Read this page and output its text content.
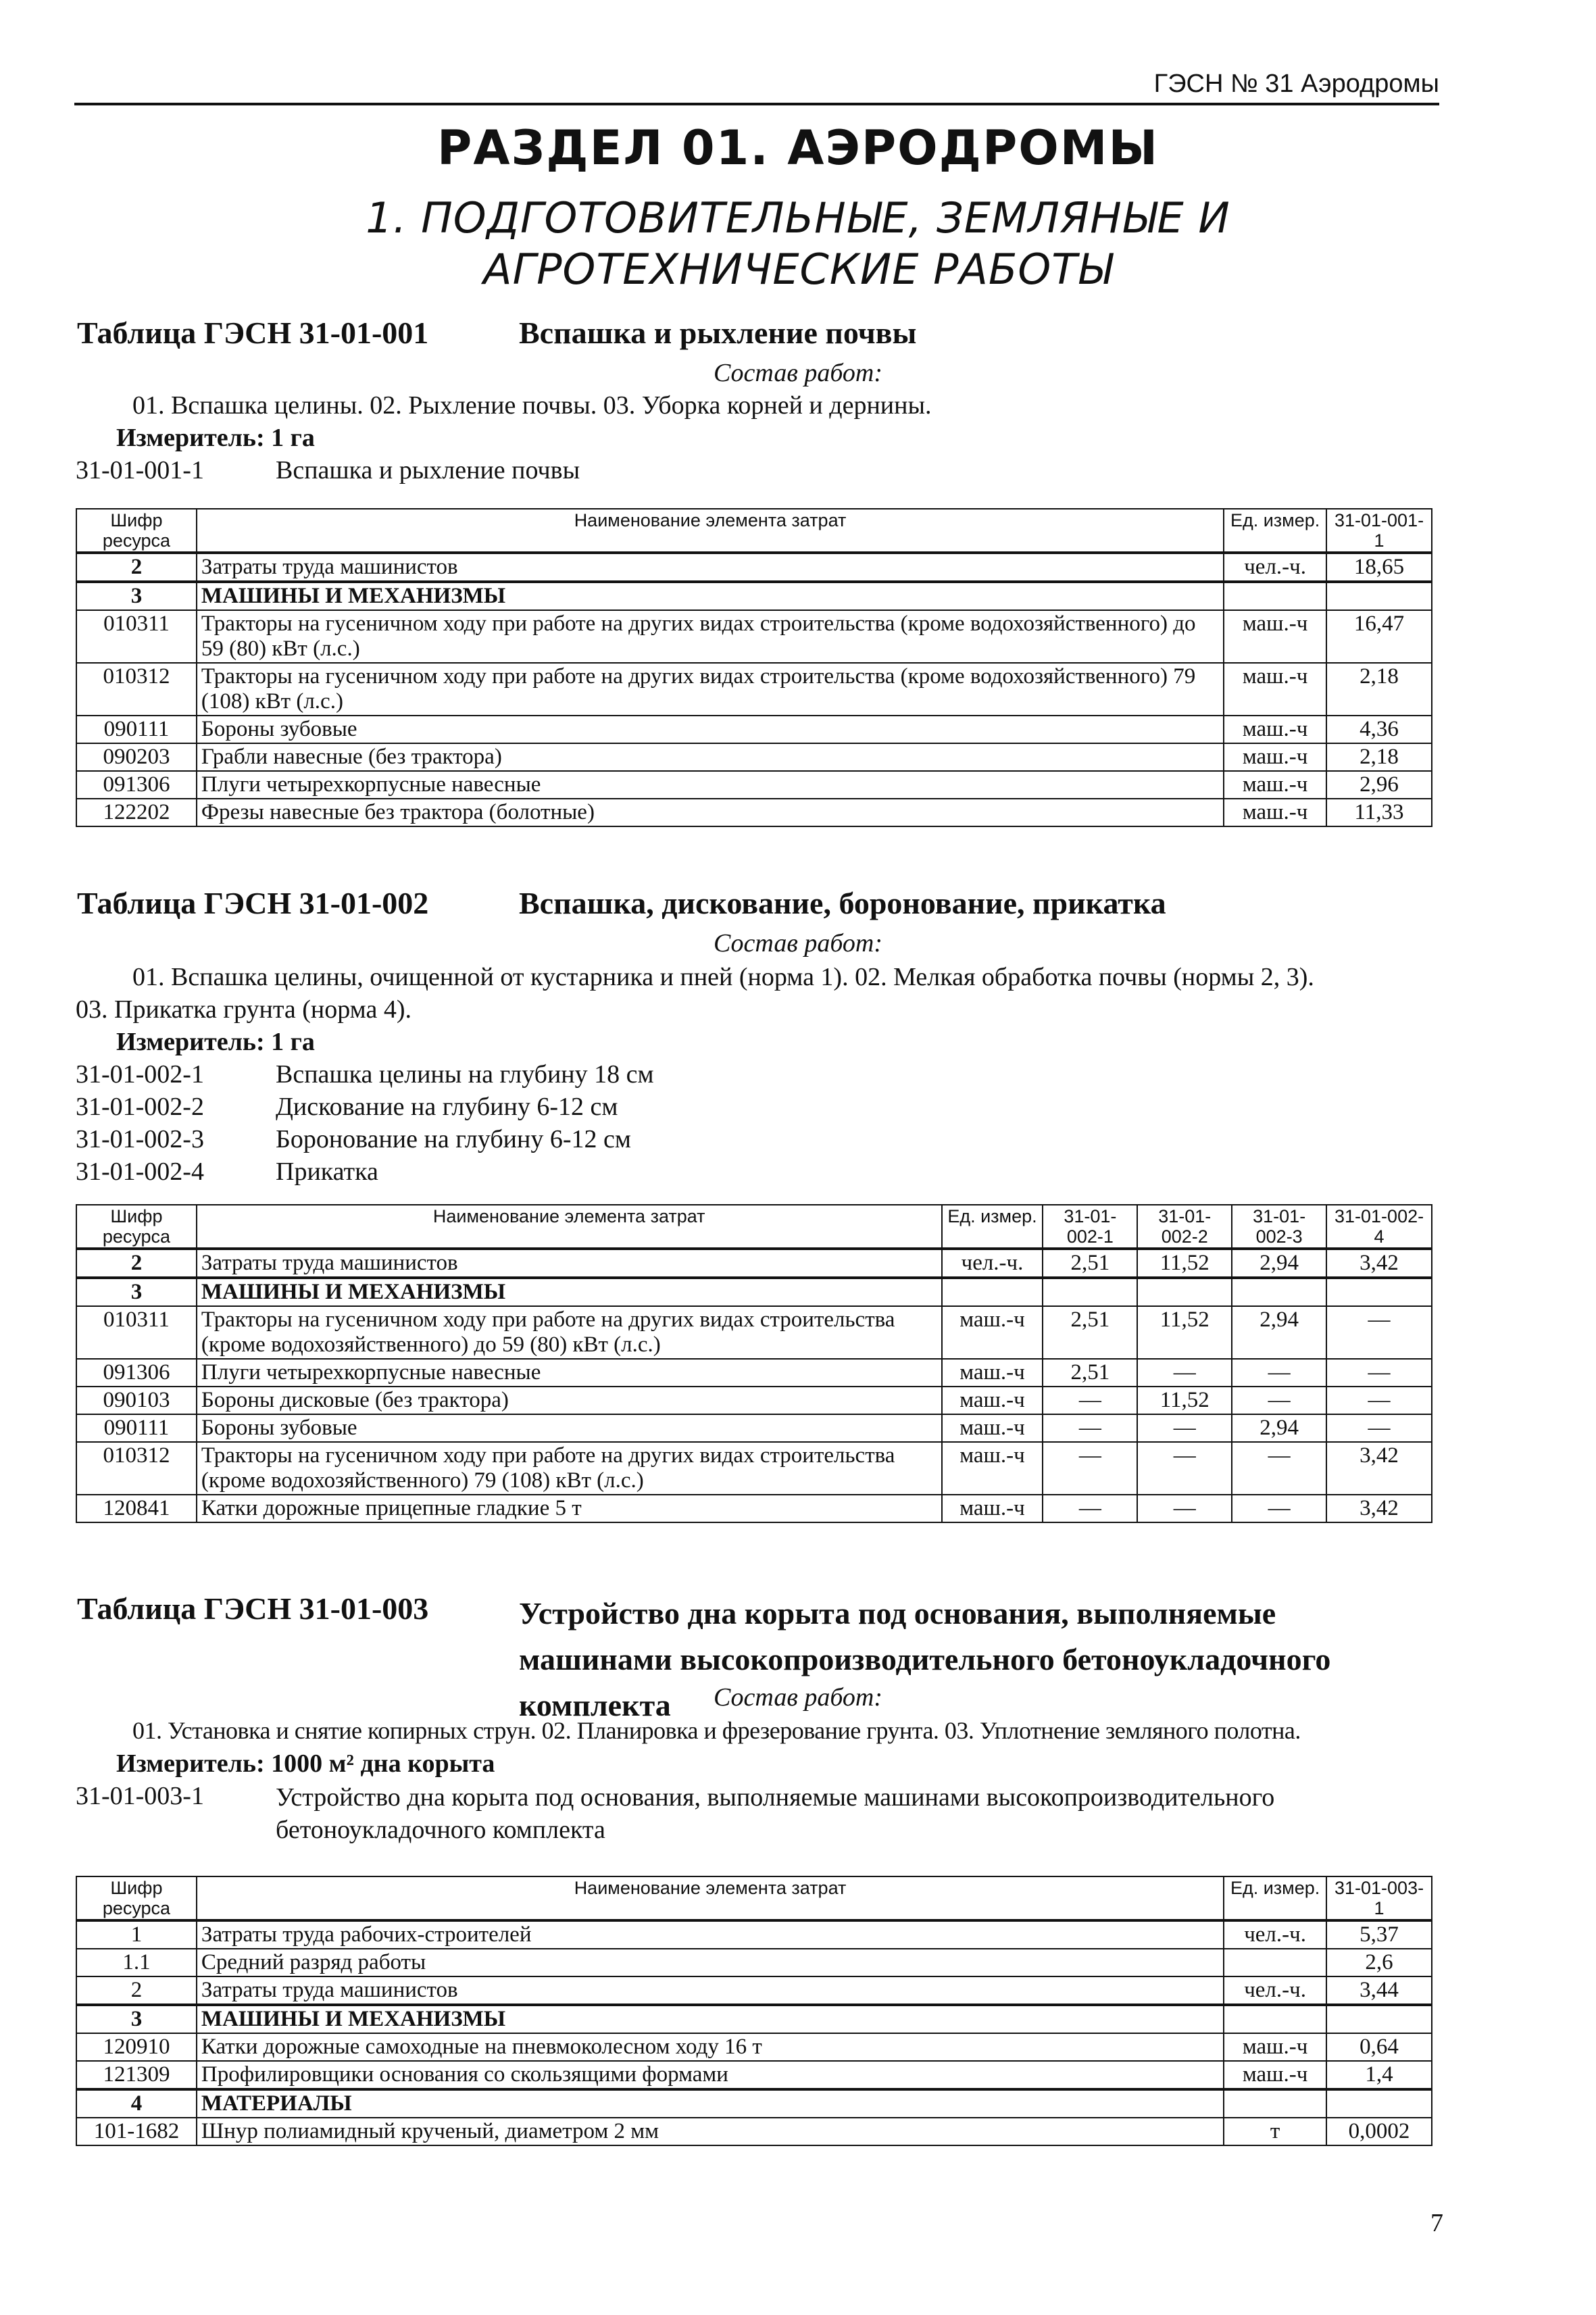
ГЭСН № 31 Аэродромы
РАЗДЕЛ 01. АЭРОДРОМЫ
1. ПОДГОТОВИТЕЛЬНЫЕ, ЗЕМЛЯНЫЕ И
АГРОТЕХНИЧЕСКИЕ РАБОТЫ
Таблица ГЭСН 31-01-001	Вспашка и рыхление почвы
Состав работ:
01. Вспашка целины. 02. Рыхление почвы. 03. Уборка корней и дернины.
Измеритель: 1 га
31-01-001-1	Вспашка и рыхление почвы
Шифр ресурса	Наименование элемента затрат	Ед. измер.	31-01-001-1
2	Затраты труда машинистов	чел.-ч.	18,65
3	МАШИНЫ И МЕХАНИЗМЫ		
010311	Тракторы на гусеничном ходу при работе на других видах строительства (кроме водохозяйственного) до 59 (80) кВт (л.с.)	маш.-ч	16,47
010312	Тракторы на гусеничном ходу при работе на других видах строительства (кроме водохозяйственного) 79 (108) кВт (л.с.)	маш.-ч	2,18
090111	Бороны зубовые	маш.-ч	4,36
090203	Грабли навесные (без трактора)	маш.-ч	2,18
091306	Плуги четырехкорпусные навесные	маш.-ч	2,96
122202	Фрезы навесные без трактора (болотные)	маш.-ч	11,33
Таблица ГЭСН 31-01-002	Вспашка, дискование, боронование, прикатка
Состав работ:
01. Вспашка целины, очищенной от кустарника и пней (норма 1). 02. Мелкая обработка почвы (нормы 2, 3).
03. Прикатка грунта (норма 4).
Измеритель: 1 га
31-01-002-1	Вспашка целины на глубину 18 см
31-01-002-2	Дискование на глубину 6-12 см
31-01-002-3	Боронование на глубину 6-12 см
31-01-002-4	Прикатка
Шифр ресурса	Наименование элемента затрат	Ед. измер.	31-01-002-1	31-01-002-2	31-01-002-3	31-01-002-4
2	Затраты труда машинистов	чел.-ч.	2,51	11,52	2,94	3,42
3	МАШИНЫ И МЕХАНИЗМЫ					
010311	Тракторы на гусеничном ходу при работе на других видах строительства (кроме водохозяйственного) до 59 (80) кВт (л.с.)	маш.-ч	2,51	11,52	2,94	—
091306	Плуги четырехкорпусные навесные	маш.-ч	2,51	—	—	—
090103	Бороны дисковые (без трактора)	маш.-ч	—	11,52	—	—
090111	Бороны зубовые	маш.-ч	—	—	2,94	—
010312	Тракторы на гусеничном ходу при работе на других видах строительства (кроме водохозяйственного) 79 (108) кВт (л.с.)	маш.-ч	—	—	—	3,42
120841	Катки дорожные прицепные гладкие 5 т	маш.-ч	—	—	—	3,42
Таблица ГЭСН 31-01-003	Устройство дна корыта под основания, выполняемые машинами высокопроизводительного бетоноукладочного комплекта	Состав работ:
01. Установка и снятие копирных струн. 02. Планировка и фрезерование грунта. 03. Уплотнение земляного полотна.
Измеритель: 1000 м² дна корыта
31-01-003-1	Устройство дна корыта под основания, выполняемые машинами высокопроизводительного бетоноукладочного комплекта
Шифр ресурса	Наименование элемента затрат	Ед. измер.	31-01-003-1
1	Затраты труда рабочих-строителей	чел.-ч.	5,37
1.1	Средний разряд работы		2,6
2	Затраты труда машинистов	чел.-ч.	3,44
3	МАШИНЫ И МЕХАНИЗМЫ		
120910	Катки дорожные самоходные на пневмоколесном ходу 16 т	маш.-ч	0,64
121309	Профилировщики основания со скользящими формами	маш.-ч	1,4
4	МАТЕРИАЛЫ		
101-1682	Шнур полиамидный крученый, диаметром 2 мм	т	0,0002
7
